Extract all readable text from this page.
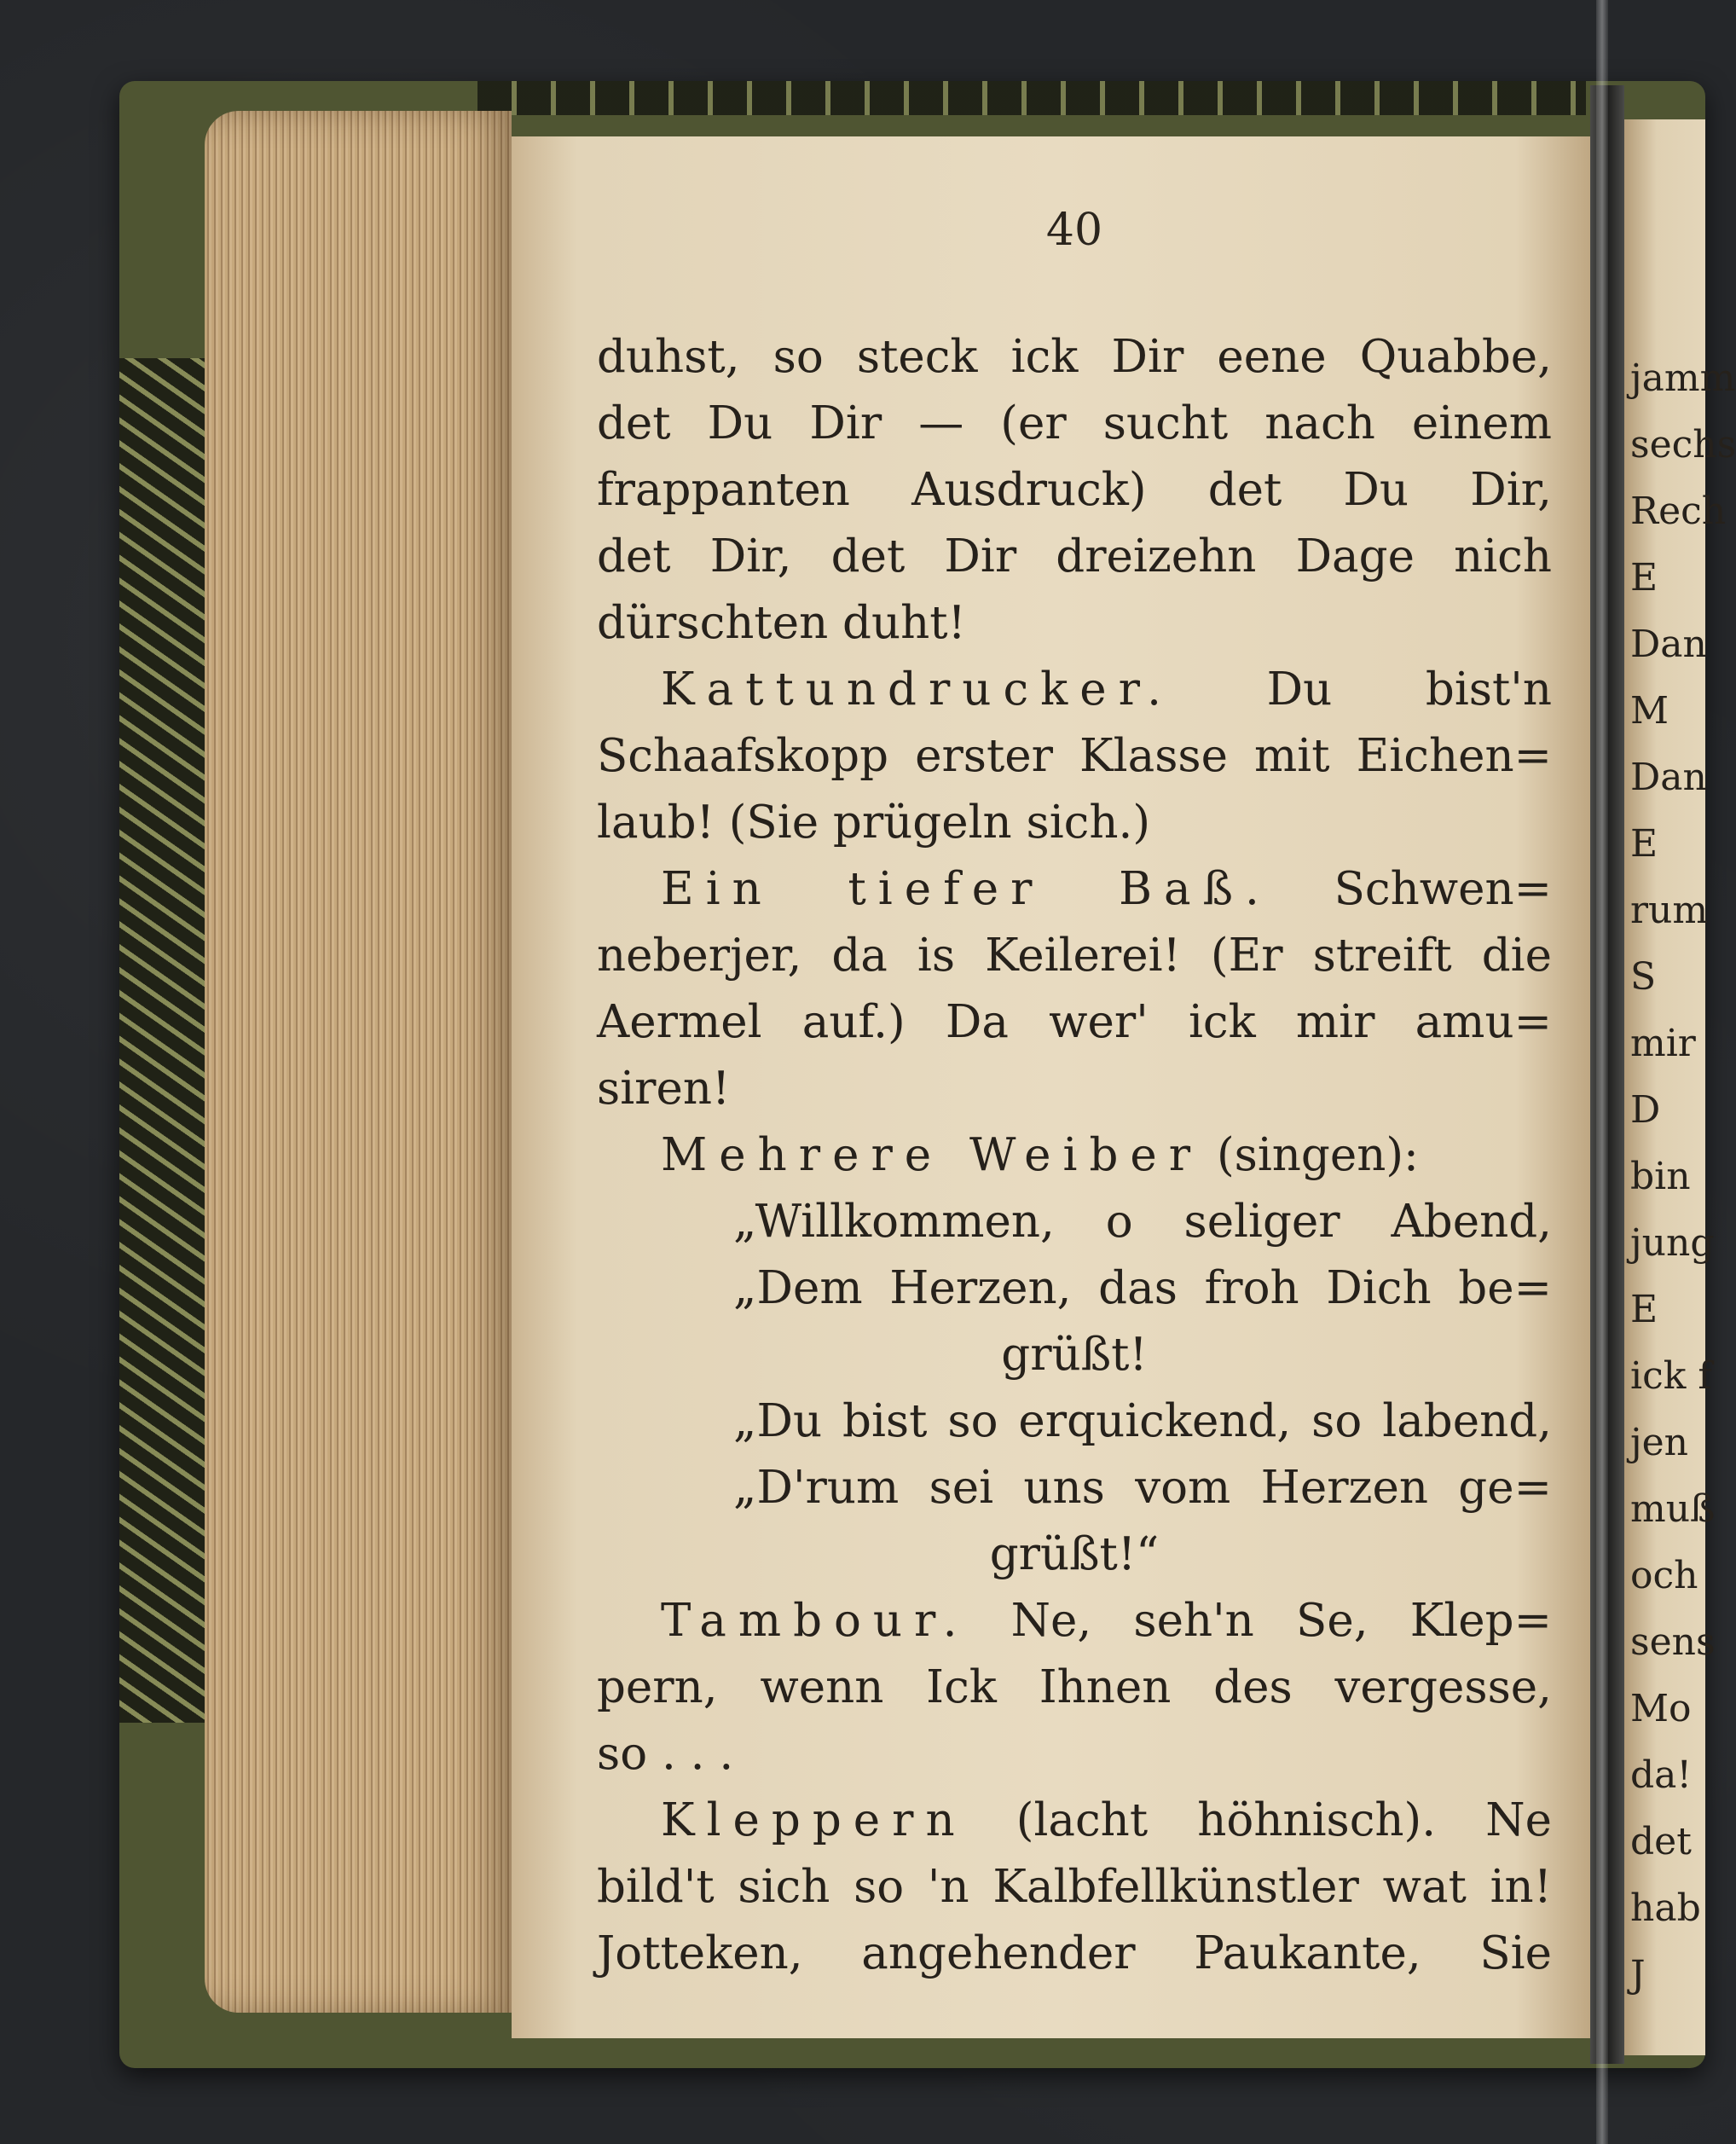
40
duhst, so steck ick Dir eene Quabbe,
det Du Dir — (er sucht nach einem
frappanten Ausdruck) det Du Dir,
det Dir, det Dir dreizehn Dage nich
dürschten duht!
Kattundrucker. Du bist'n
Schaafskopp erster Klasse mit Eichen=
laub! (Sie prügeln sich.)
Ein tiefer Baß. Schwen=
neberjer, da is Keilerei! (Er streift die
Aermel auf.) Da wer' ick mir amu=
siren!
Mehrere Weiber (singen):
„Willkommen, o seliger Abend,
„Dem Herzen, das froh Dich be=
grüßt!
„Du bist so erquickend, so labend,
„D'rum sei uns vom Herzen ge=
grüßt!“
Tambour. Ne, seh'n Se, Klep=
pern, wenn Ick Ihnen des vergesse,
so . . .
Kleppern (lacht höhnisch). Ne
bild't sich so 'n Kalbfellkünstler wat in!
Jotteken, angehender Paukante, Sie
jamm
sechs
Rech
E
Dan
M
Dan
E
rum
S
mir
D
bin
jung
E
ick f
jen
muß
och
sens
Mo
da!
det
hab
J
